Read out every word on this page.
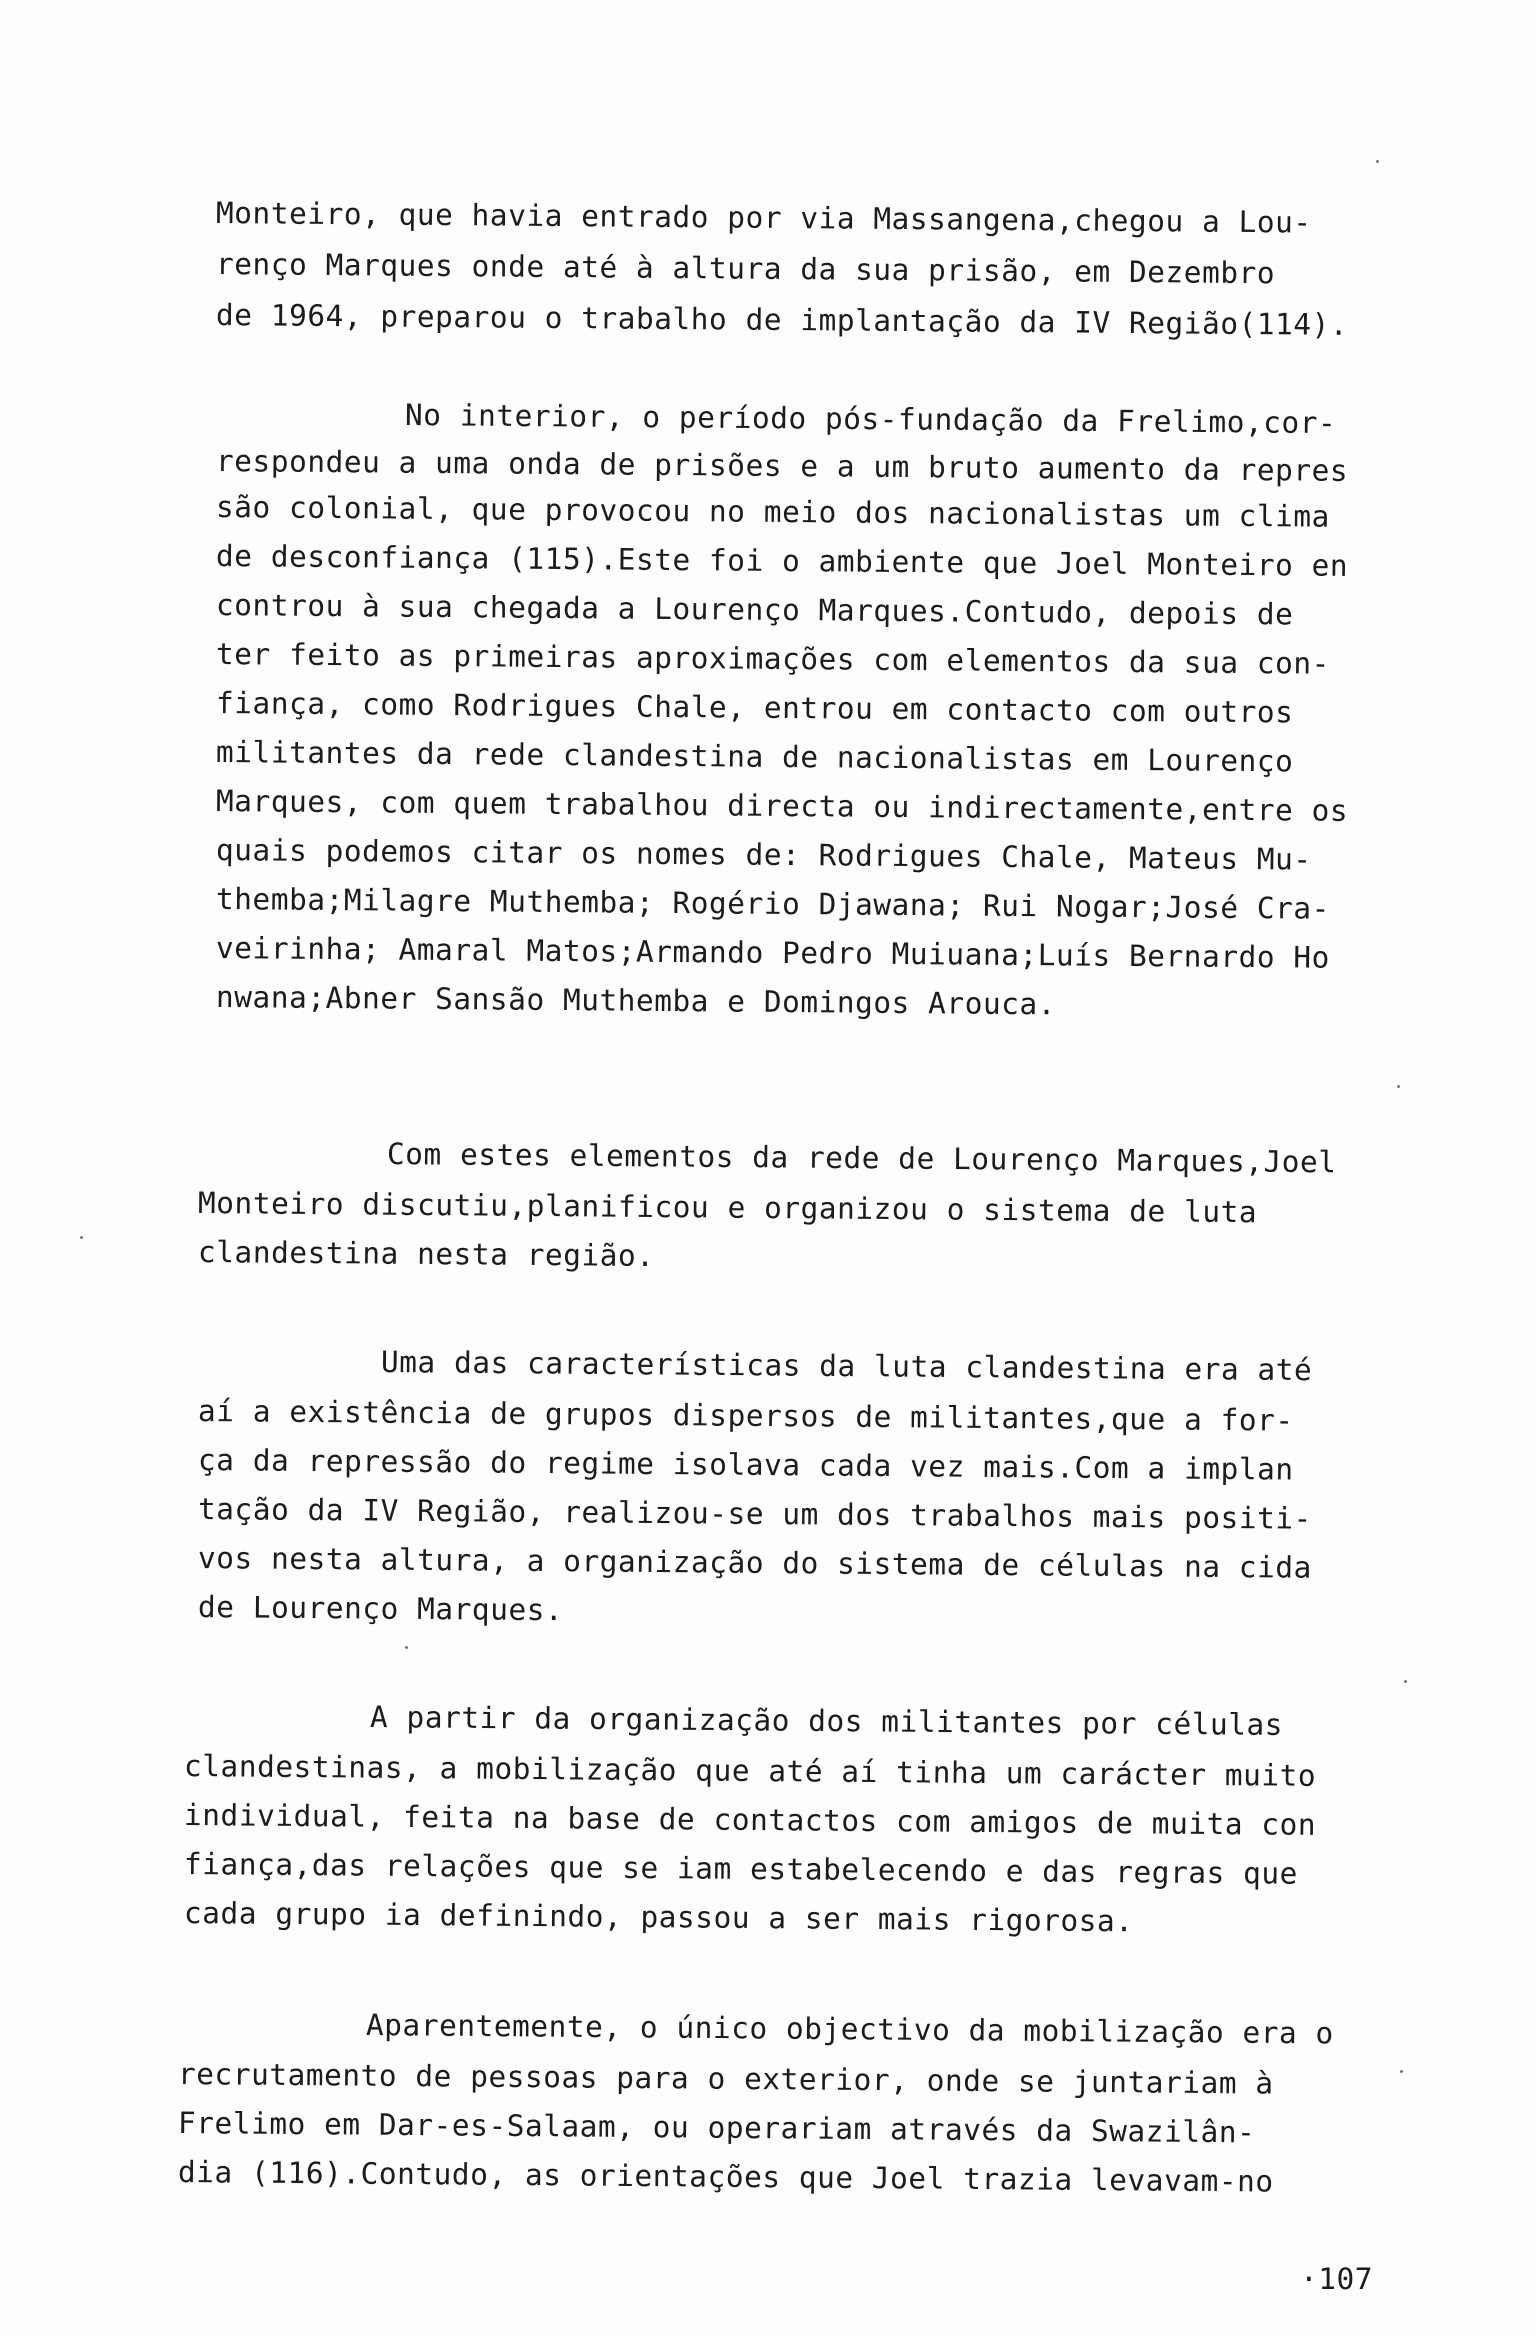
Monteiro, que havia entrado por via Massangena,chegou a Lou-
renço Marques onde até à altura da sua prisão, em Dezembro
de 1964, preparou o trabalho de implantação da IV Região(114).
No interior, o período pós-fundação da Frelimo,cor-
respondeu a uma onda de prisões e a um bruto aumento da repres
são colonial, que provocou no meio dos nacionalistas um clima
de desconfiança (115).Este foi o ambiente que Joel Monteiro en
controu à sua chegada a Lourenço Marques.Contudo, depois de
ter feito as primeiras aproximações com elementos da sua con-
fiança, como Rodrigues Chale, entrou em contacto com outros
militantes da rede clandestina de nacionalistas em Lourenço
Marques, com quem trabalhou directa ou indirectamente,entre os
quais podemos citar os nomes de: Rodrigues Chale, Mateus Mu-
themba;Milagre Muthemba; Rogério Djawana; Rui Nogar;José Cra-
veirinha; Amaral Matos;Armando Pedro Muiuana;Luís Bernardo Ho
nwana;Abner Sansão Muthemba e Domingos Arouca.
Com estes elementos da rede de Lourenço Marques,Joel
Monteiro discutiu,planificou e organizou o sistema de luta
clandestina nesta região.
Uma das características da luta clandestina era até
aí a existência de grupos dispersos de militantes,que a for-
ça da repressão do regime isolava cada vez mais.Com a implan
tação da IV Região, realizou-se um dos trabalhos mais positi-
vos nesta altura, a organização do sistema de células na cida
de Lourenço Marques.
A partir da organização dos militantes por células
clandestinas, a mobilização que até aí tinha um carácter muito
individual, feita na base de contactos com amigos de muita con
fiança,das relações que se iam estabelecendo e das regras que
cada grupo ia definindo, passou a ser mais rigorosa.
Aparentemente, o único objectivo da mobilização era o
recrutamento de pessoas para o exterior, onde se juntariam à
Frelimo em Dar-es-Salaam, ou operariam através da Swazilân-
dia (116).Contudo, as orientações que Joel trazia levavam-no
·107
